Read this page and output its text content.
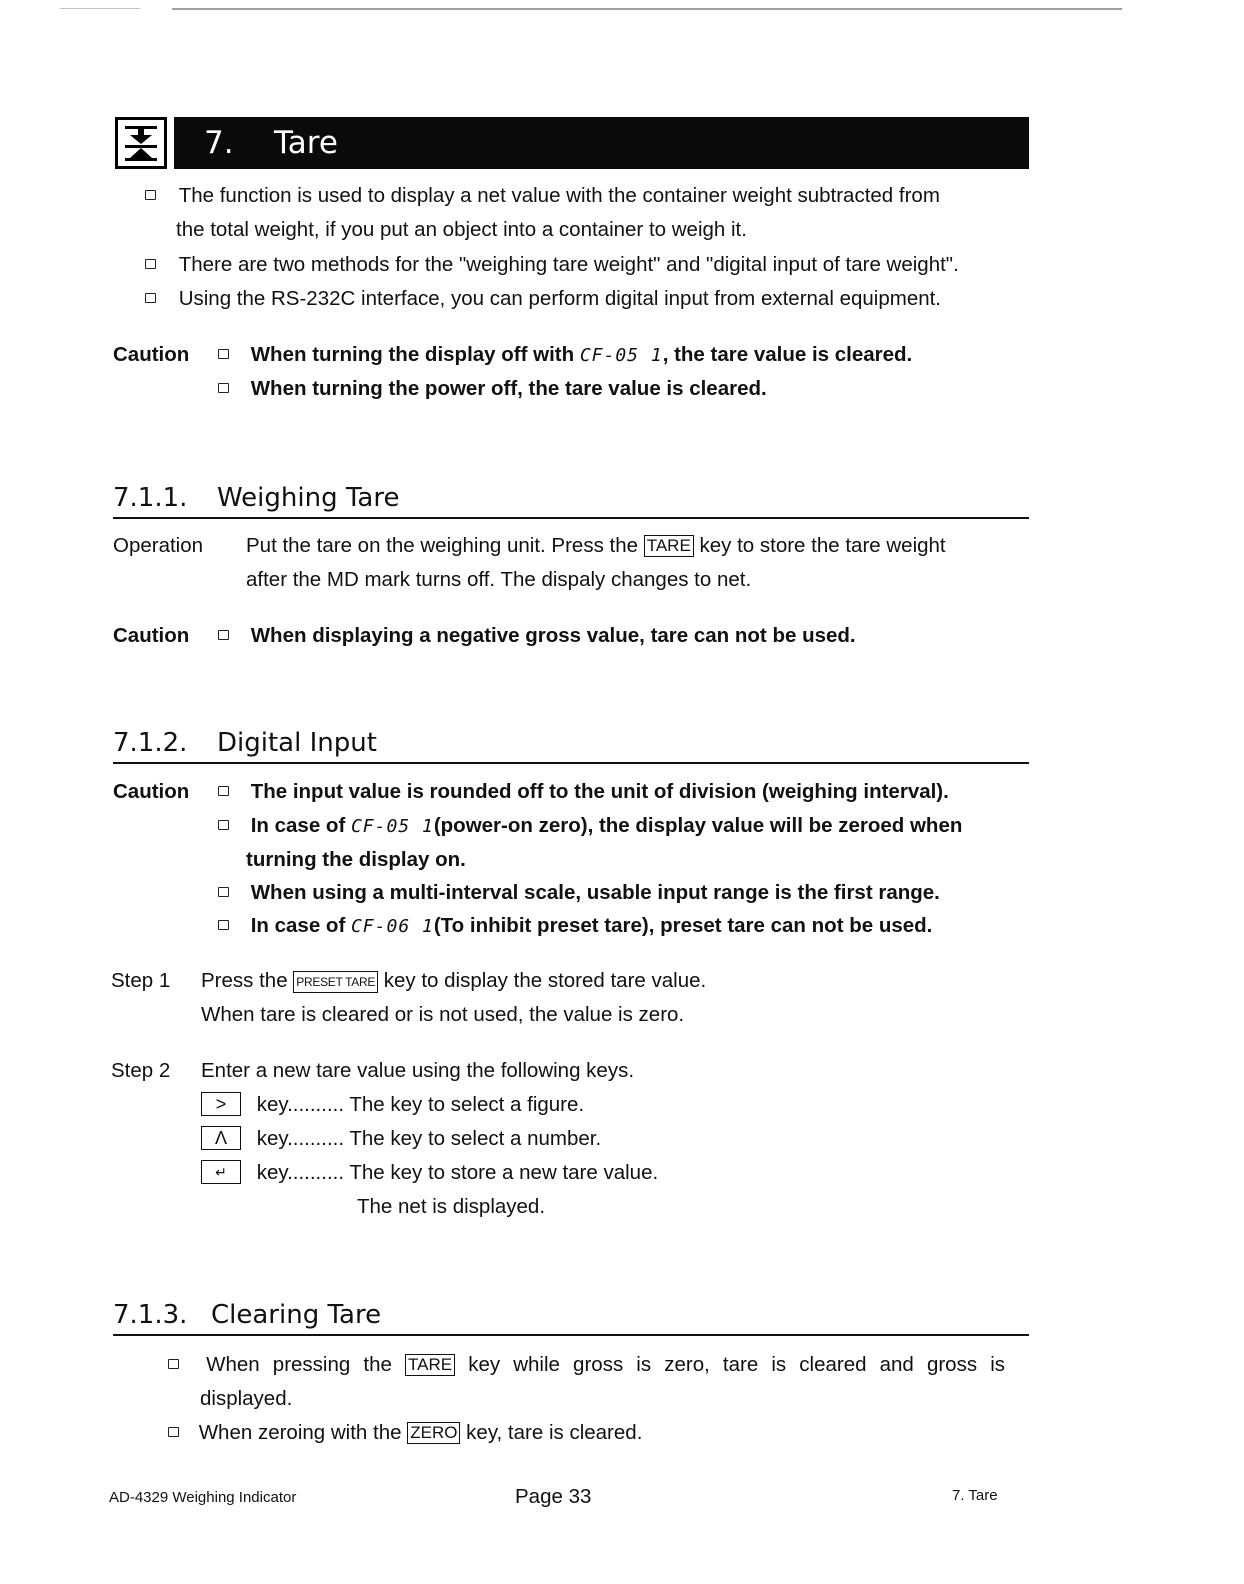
7.	Tare
The function is used to display a net value with the container weight subtracted from
the total weight, if you put an object into a container to weigh it.
There are two methods for the "weighing tare weight" and "digital input of tare weight".
Using the RS-232C interface, you can perform digital input from external equipment.
Caution	When turning the display off with CF-05 1, the tare value is cleared.
When turning the power off, the tare value is cleared.
7.1.1. Weighing Tare
Operation Put the tare on the weighing unit. Press the TARE key to store the tare weight
after the MD mark turns off. The dispaly changes to net.
Caution	When displaying a negative gross value, tare can not be used.
7.1.2. Digital Input
Caution	The input value is rounded off to the unit of division (weighing interval).
In case of CF-05 1(power-on zero), the display value will be zeroed when
turning the display on.
When using a multi-interval scale, usable input range is the first range.
In case of CF-06 1(To inhibit preset tare), preset tare can not be used.
Step 1 Press the PRESET TARE key to display the stored tare value.
When tare is cleared or is not used, the value is zero.
Step 2 Enter a new tare value using the following keys.
> key.......... The key to select a figure.
Λ key.......... The key to select a number.
↵ key.......... The key to store a new tare value.
The net is displayed.
7.1.3. Clearing Tare
When pressing the TARE key while gross is zero, tare is cleared and gross is
displayed.
When zeroing with the ZERO key, tare is cleared.
AD-4329 Weighing Indicator	Page 33	7. Tare
